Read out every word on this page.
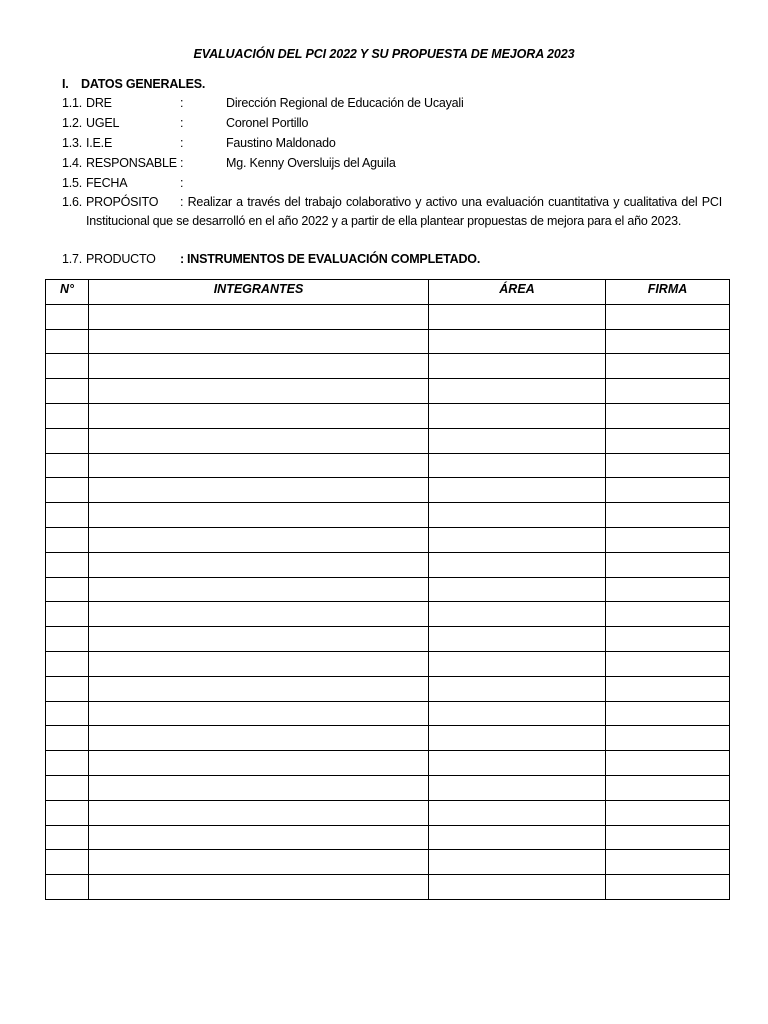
EVALUACIÓN DEL PCI 2022 Y SU PROPUESTA DE MEJORA 2023
I. DATOS GENERALES.
1.1. DRE	:	Dirección Regional de Educación de Ucayali
1.2. UGEL	:	Coronel Portillo
1.3. I.E.E	:	Faustino Maldonado
1.4. RESPONSABLE :	Mg. Kenny Oversluijs del Aguila
1.5. FECHA	:
1.6. PROPÓSITO	: Realizar a través del trabajo colaborativo y activo una evaluación cuantitativa y cualitativa del PCI Institucional que se desarrolló en el año 2022 y a partir de ella plantear propuestas de mejora para el año 2023.
1.7. PRODUCTO : INSTRUMENTOS DE EVALUACIÓN COMPLETADO.
N°	INTEGRANTES	ÁREA	FIRMA
